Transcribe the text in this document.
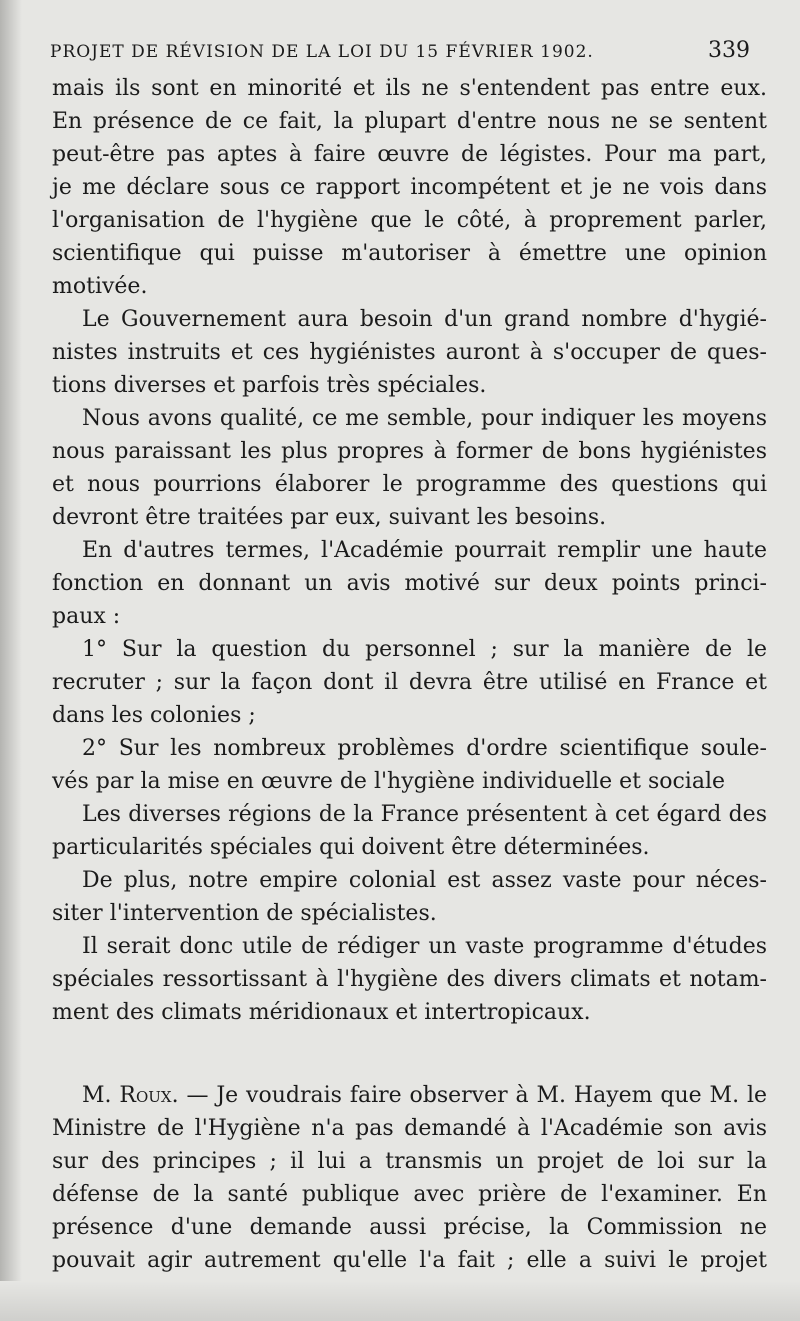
PROJET DE RÉVISION DE LA LOI DU 15 FÉVRIER 1902.	339
mais ils sont en minorité et ils ne s'entendent pas entre eux.
En présence de ce fait, la plupart d'entre nous ne se sentent
peut-être pas aptes à faire œuvre de légistes. Pour ma part,
je me déclare sous ce rapport incompétent et je ne vois dans
l'organisation de l'hygiène que le côté, à proprement parler,
scientifique qui puisse m'autoriser à émettre une opinion
motivée.
Le Gouvernement aura besoin d'un grand nombre d'hygié-
nistes instruits et ces hygiénistes auront à s'occuper de ques-
tions diverses et parfois très spéciales.
Nous avons qualité, ce me semble, pour indiquer les moyens
nous paraissant les plus propres à former de bons hygiénistes
et nous pourrions élaborer le programme des questions qui
devront être traitées par eux, suivant les besoins.
En d'autres termes, l'Académie pourrait remplir une haute
fonction en donnant un avis motivé sur deux points princi-
paux :
1° Sur la question du personnel ; sur la manière de le
recruter ; sur la façon dont il devra être utilisé en France et
dans les colonies ;
2° Sur les nombreux problèmes d'ordre scientifique soule-
vés par la mise en œuvre de l'hygiène individuelle et sociale
Les diverses régions de la France présentent à cet égard des
particularités spéciales qui doivent être déterminées.
De plus, notre empire colonial est assez vaste pour néces-
siter l'intervention de spécialistes.
Il serait donc utile de rédiger un vaste programme d'études
spéciales ressortissant à l'hygiène des divers climats et notam-
ment des climats méridionaux et intertropicaux.
M. Roux. — Je voudrais faire observer à M. Hayem que M. le
Ministre de l'Hygiène n'a pas demandé à l'Académie son avis
sur des principes ; il lui a transmis un projet de loi sur la
défense de la santé publique avec prière de l'examiner. En
présence d'une demande aussi précise, la Commission ne
pouvait agir autrement qu'elle l'a fait ; elle a suivi le projet
